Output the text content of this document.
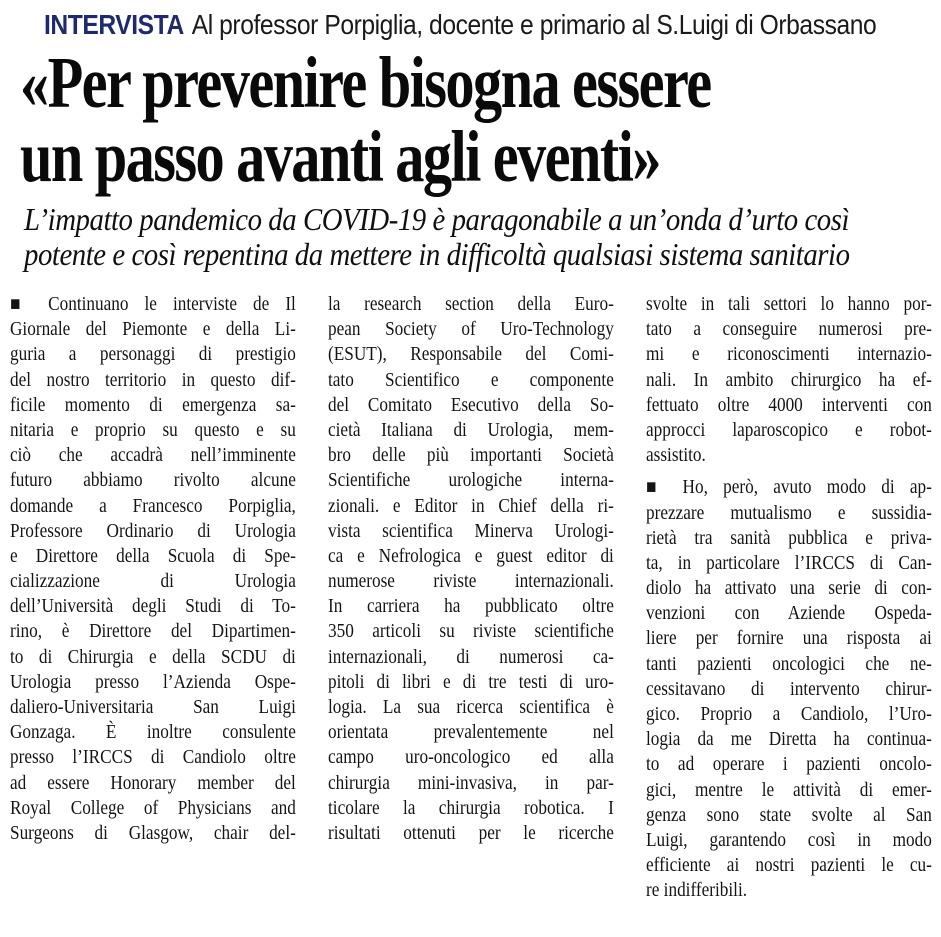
INTERVISTA Al professor Porpiglia, docente e primario al S.Luigi di Orbassano
«Per prevenire bisogna essere
un passo avanti agli eventi»
L’impatto pandemico da COVID-19 è paragonabile a un’onda d’urto così
potente e così repentina da mettere in difficoltà qualsiasi sistema sanitario
■ Continuano le interviste de Il
Giornale del Piemonte e della Li-
guria a personaggi di prestigio
del nostro territorio in questo dif-
ficile momento di emergenza sa-
nitaria e proprio su questo e su
ciò che accadrà nell’imminente
futuro abbiamo rivolto alcune
domande a Francesco Porpiglia,
Professore Ordinario di Urologia
e Direttore della Scuola di Spe-
cializzazione di Urologia
dell’Università degli Studi di To-
rino, è Direttore del Dipartimen-
to di Chirurgia e della SCDU di
Urologia presso l’Azienda Ospe-
daliero-Universitaria San Luigi
Gonzaga. È inoltre consulente
presso l’IRCCS di Candiolo oltre
ad essere Honorary member del
Royal College of Physicians and
Surgeons di Glasgow, chair del-
la research section della Euro-
pean Society of Uro-Technology
(ESUT), Responsabile del Comi-
tato Scientifico e componente
del Comitato Esecutivo della So-
cietà Italiana di Urologia, mem-
bro delle più importanti Società
Scientifiche urologiche interna-
zionali. e Editor in Chief della ri-
vista scientifica Minerva Urologi-
ca e Nefrologica e guest editor di
numerose riviste internazionali.
In carriera ha pubblicato oltre
350 articoli su riviste scientifiche
internazionali, di numerosi ca-
pitoli di libri e di tre testi di uro-
logia. La sua ricerca scientifica è
orientata prevalentemente nel
campo uro-oncologico ed alla
chirurgia mini-invasiva, in par-
ticolare la chirurgia robotica. I
risultati ottenuti per le ricerche
svolte in tali settori lo hanno por-
tato a conseguire numerosi pre-
mi e riconoscimenti internazio-
nali. In ambito chirurgico ha ef-
fettuato oltre 4000 interventi con
approcci laparoscopico e robot-
assistito.
■ Ho, però, avuto modo di ap-
prezzare mutualismo e sussidia-
rietà tra sanità pubblica e priva-
ta, in particolare l’IRCCS di Can-
diolo ha attivato una serie di con-
venzioni con Aziende Ospeda-
liere per fornire una risposta ai
tanti pazienti oncologici che ne-
cessitavano di intervento chirur-
gico. Proprio a Candiolo, l’Uro-
logia da me Diretta ha continua-
to ad operare i pazienti oncolo-
gici, mentre le attività di emer-
genza sono state svolte al San
Luigi, garantendo così in modo
efficiente ai nostri pazienti le cu-
re indifferibili.
